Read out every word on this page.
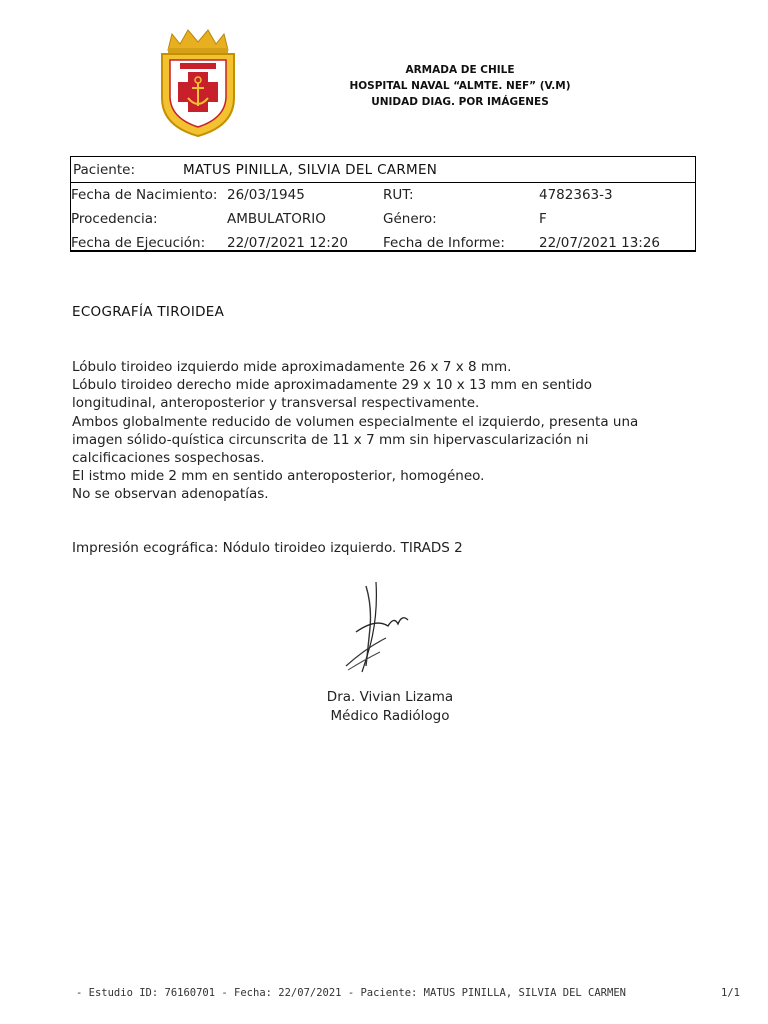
ARMADA DE CHILE
HOSPITAL NAVAL “ALMTE. NEF” (V.M)
UNIDAD DIAG. POR IMÁGENES
Paciente:	MATUS PINILLA, SILVIA DEL CARMEN
Fecha de Nacimiento: 26/03/1945	RUT:	4782363-3
Procedencia:	AMBULATORIO	Género:	F
Fecha de Ejecución: 22/07/2021 12:20	Fecha de Informe:	22/07/2021 13:26
ECOGRAFÍA TIROIDEA
Lóbulo tiroideo izquierdo mide aproximadamente 26 x 7 x 8 mm.
Lóbulo tiroideo derecho mide aproximadamente 29 x 10 x 13 mm en sentido
longitudinal, anteroposterior y transversal respectivamente.
Ambos globalmente reducido de volumen especialmente el izquierdo, presenta una
imagen sólido-quística circunscrita de 11 x 7 mm sin hipervascularización ni
calcificaciones sospechosas.
El istmo mide 2 mm en sentido anteroposterior, homogéneo.
No se observan adenopatías.
Impresión ecográfica: Nódulo tiroideo izquierdo. TIRADS 2
Dra. Vivian Lizama
Médico Radiólogo
- Estudio ID: 76160701 - Fecha: 22/07/2021 - Paciente: MATUS PINILLA, SILVIA DEL CARMEN	1/1
